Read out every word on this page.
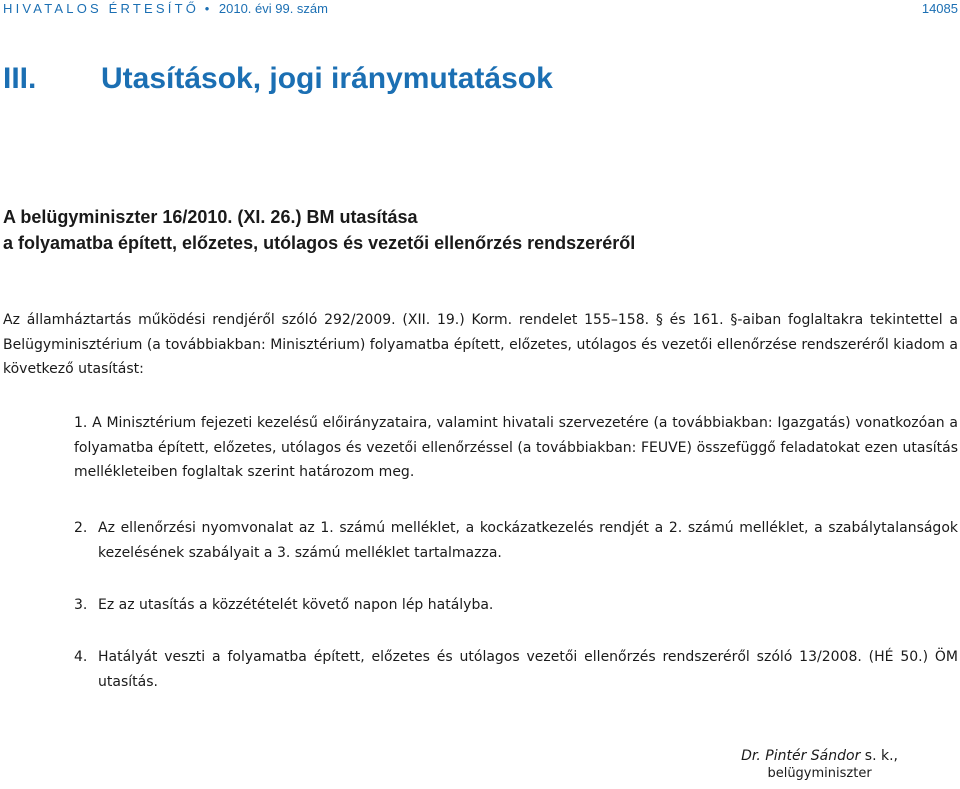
HIVATALOS ÉRTESÍTŐ • 2010. évi 99. szám	14085
III. Utasítások, jogi iránymutatások
A belügyminiszter 16/2010. (XI. 26.) BM utasítása
a folyamatba épített, előzetes, utólagos és vezetői ellenőrzés rendszeréről
Az államháztartás működési rendjéről szóló 292/2009. (XII. 19.) Korm. rendelet 155–158. § és 161. §-aiban foglaltakra tekintettel a Belügyminisztérium (a továbbiakban: Minisztérium) folyamatba épített, előzetes, utólagos és vezetői ellenőrzése rendszeréről kiadom a következő utasítást:
1. A Minisztérium fejezeti kezelésű előirányzataira, valamint hivatali szervezetére (a továbbiakban: Igazgatás) vonatkozóan a folyamatba épített, előzetes, utólagos és vezetői ellenőrzéssel (a továbbiakban: FEUVE) összefüggő feladatokat ezen utasítás mellékleteiben foglaltak szerint határozom meg.
2. Az ellenőrzési nyomvonalat az 1. számú melléklet, a kockázatkezelés rendjét a 2. számú melléklet, a szabálytalanságok kezelésének szabályait a 3. számú melléklet tartalmazza.
3. Ez az utasítás a közzétételét követő napon lép hatályba.
4. Hatályát veszti a folyamatba épített, előzetes és utólagos vezetői ellenőrzés rendszeréről szóló 13/2008. (HÉ 50.) ÖM utasítás.
Dr. Pintér Sándor s. k.,
belügyminiszter
